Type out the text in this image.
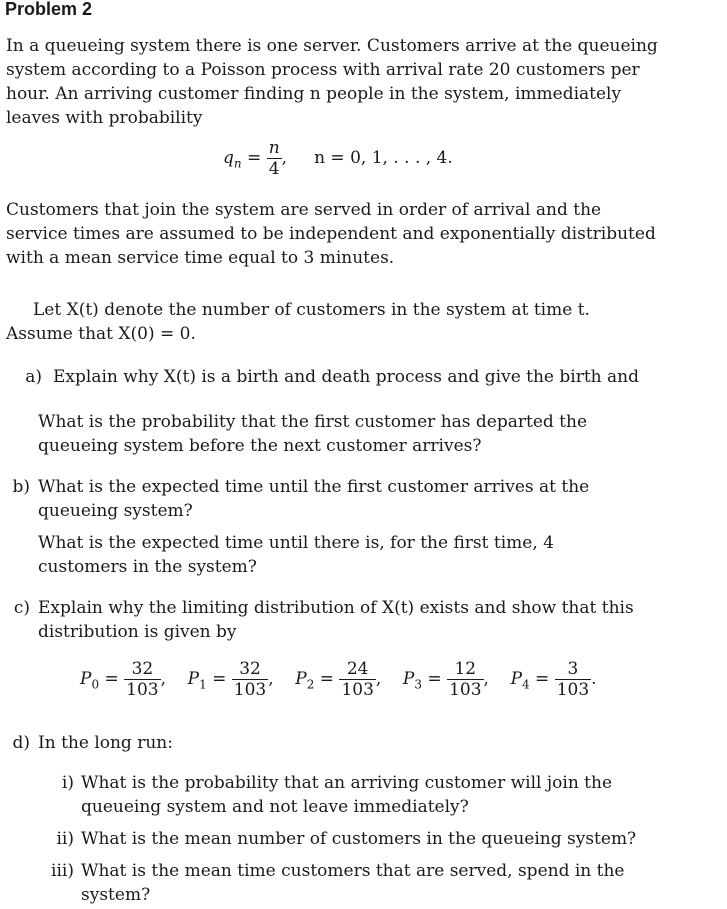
Problem 2
In a queueing system there is one server. Customers arrive at the queueing system according to a Poisson process with arrival rate 20 customers per hour. An arriving customer finding n people in the system, immediately leaves with probability
$q_n = \frac{n}{4}$ ,     n = 0, 1, . . . , 4.
Customers that join the system are served in order of arrival and the service times are assumed to be independent and exponentially distributed with a mean service time equal to 3 minutes.
Let X(t) denote the number of customers in the system at time t. Assume that X(0) = 0.
a) Explain why X(t) is a birth and death process and give the birth and
What is the probability that the first customer has departed the queueing system before the next customer arrives?
b) What is the expected time until the first customer arrives at the queueing system?
What is the expected time until there is, for the first time, 4 customers in the system?
c) Explain why the limiting distribution of X(t) exists and show that this distribution is given by
$P_0 = \frac{32}{103}$ , $P_1 = \frac{32}{103}$ , $P_2 = \frac{24}{103}$ , $P_3 = \frac{12}{103}$ , $P_4 = \frac{3}{103}$ .
d) In the long run:
i) What is the probability that an arriving customer will join the queueing system and not leave immediately?
ii) What is the mean number of customers in the queueing system?
iii) What is the mean time customers that are served, spend in the system?
